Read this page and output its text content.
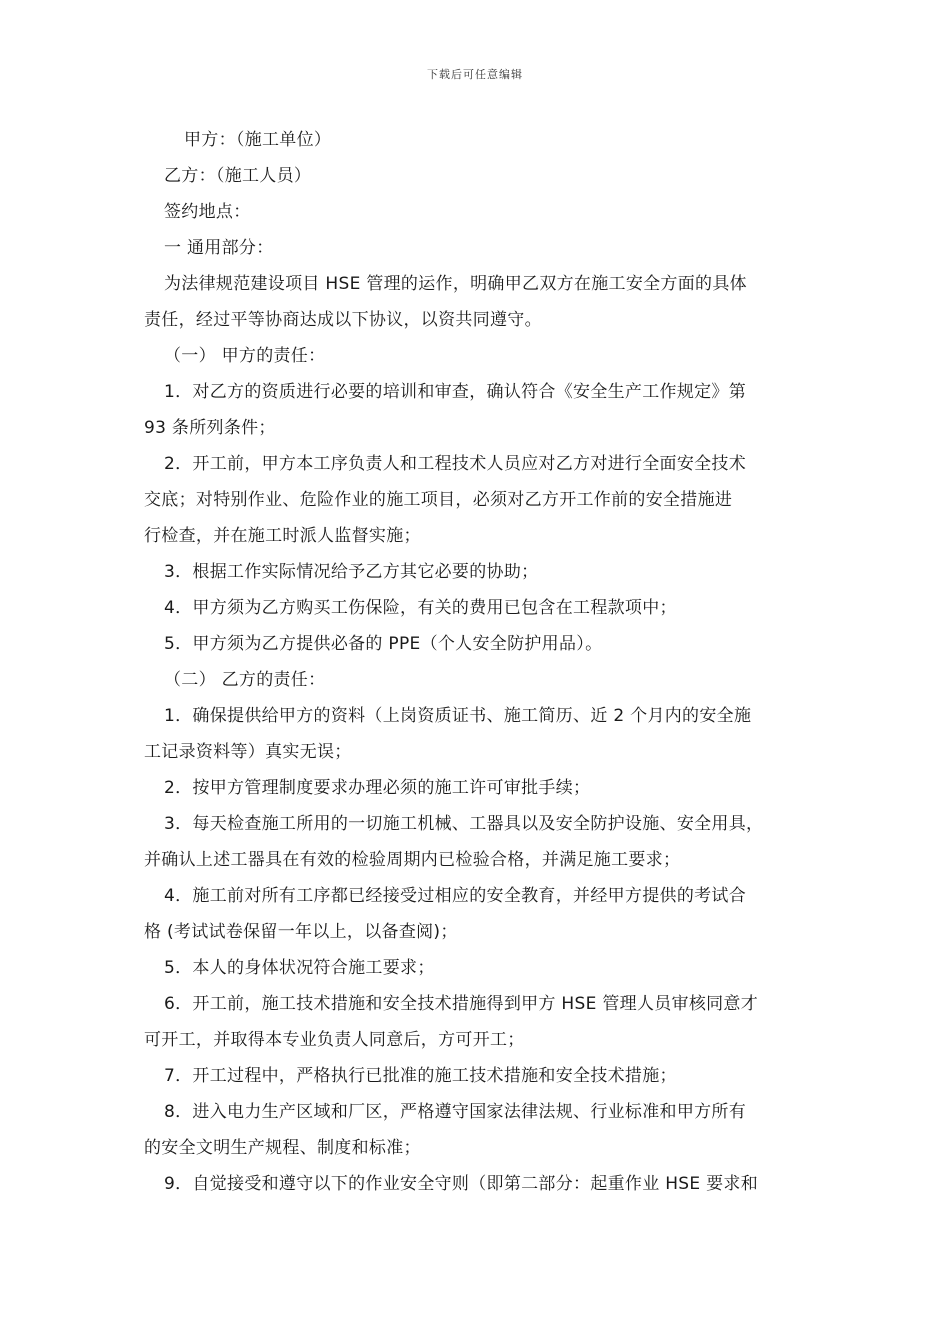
下载后可任意编辑
甲方：（施工单位）
乙方：（施工人员）
签约地点：
一 通用部分：
为法律规范建设项目 HSE 管理的运作，明确甲乙双方在施工安全方面的具体
责任，经过平等协商达成以下协议，以资共同遵守。
（一） 甲方的责任：
1．对乙方的资质进行必要的培训和审查，确认符合《安全生产工作规定》第
93 条所列条件；
2．开工前，甲方本工序负责人和工程技术人员应对乙方对进行全面安全技术
交底；对特别作业、危险作业的施工项目，必须对乙方开工作前的安全措施进
行检查，并在施工时派人监督实施；
3．根据工作实际情况给予乙方其它必要的协助；
4．甲方须为乙方购买工伤保险，有关的费用已包含在工程款项中；
5．甲方须为乙方提供必备的 PPE（个人安全防护用品）。
（二） 乙方的责任：
1．确保提供给甲方的资料（上岗资质证书、施工简历、近 2 个月内的安全施
工记录资料等）真实无误；
2．按甲方管理制度要求办理必须的施工许可审批手续；
3．每天检查施工所用的一切施工机械、工器具以及安全防护设施、安全用具，
并确认上述工器具在有效的检验周期内已检验合格，并满足施工要求；
4．施工前对所有工序都已经接受过相应的安全教育，并经甲方提供的考试合
格 (考试试卷保留一年以上，以备查阅)；
5．本人的身体状况符合施工要求；
6．开工前，施工技术措施和安全技术措施得到甲方 HSE 管理人员审核同意才
可开工，并取得本专业负责人同意后，方可开工；
7．开工过程中，严格执行已批准的施工技术措施和安全技术措施；
8．进入电力生产区域和厂区，严格遵守国家法律法规、行业标准和甲方所有
的安全文明生产规程、制度和标准；
9．自觉接受和遵守以下的作业安全守则（即第二部分：起重作业 HSE 要求和
